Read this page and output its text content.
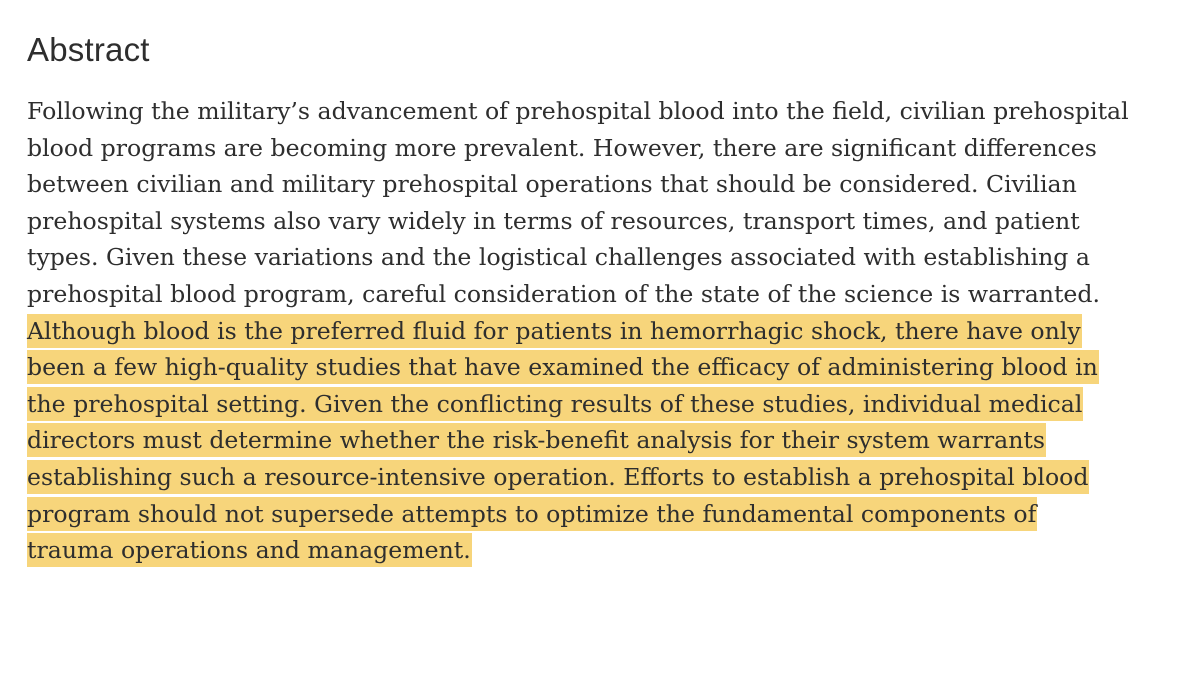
Abstract
Following the military’s advancement of prehospital blood into the field, civilian prehospital
blood programs are becoming more prevalent. However, there are significant differences
between civilian and military prehospital operations that should be considered. Civilian
prehospital systems also vary widely in terms of resources, transport times, and patient
types. Given these variations and the logistical challenges associated with establishing a
prehospital blood program, careful consideration of the state of the science is warranted.
Although blood is the preferred fluid for patients in hemorrhagic shock, there have only
been a few high-quality studies that have examined the efficacy of administering blood in
the prehospital setting. Given the conflicting results of these studies, individual medical
directors must determine whether the risk-benefit analysis for their system warrants
establishing such a resource-intensive operation. Efforts to establish a prehospital blood
program should not supersede attempts to optimize the fundamental components of
trauma operations and management.
